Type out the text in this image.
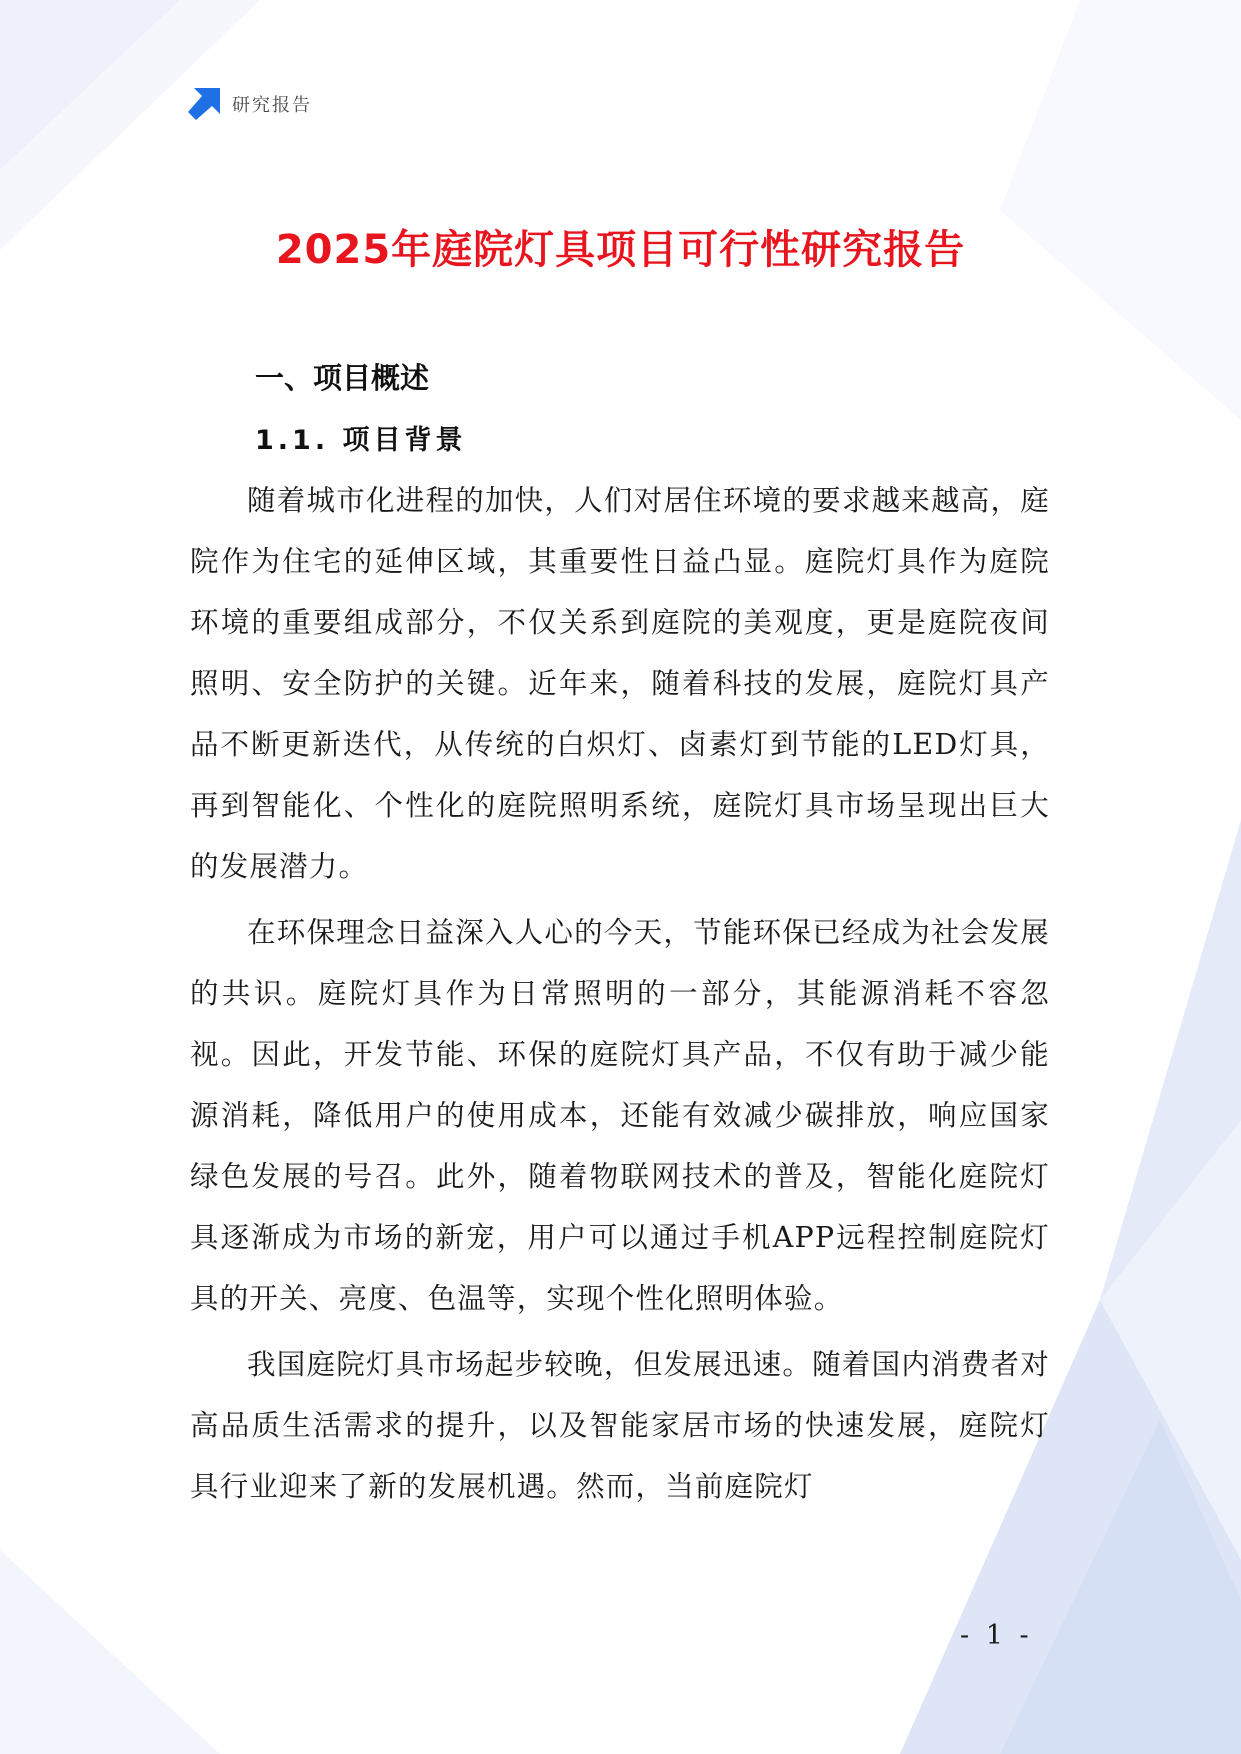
研究报告
2025年庭院灯具项目可行性研究报告
一、项目概述
1.1. 项目背景

随着城市化进程的加快，人们对居住环境的要求越来越高，庭院作为住宅的延伸区域，其重要性日益凸显。庭院灯具作为庭院环境的重要组成部分，不仅关系到庭院的美观度，更是庭院夜间照明、安全防护的关键。近年来，随着科技的发展，庭院灯具产品不断更新迭代，从传统的白炽灯、卤素灯到节能的LED灯具，再到智能化、个性化的庭院照明系统，庭院灯具市场呈现出巨大的发展潜力。

在环保理念日益深入人心的今天，节能环保已经成为社会发展的共识。庭院灯具作为日常照明的一部分，其能源消耗不容忽视。因此，开发节能、环保的庭院灯具产品，不仅有助于减少能源消耗，降低用户的使用成本，还能有效减少碳排放，响应国家绿色发展的号召。此外，随着物联网技术的普及，智能化庭院灯具逐渐成为市场的新宠，用户可以通过手机APP远程控制庭院灯具的开关、亮度、色温等，实现个性化照明体验。

我国庭院灯具市场起步较晚，但发展迅速。随着国内消费者对高品质生活需求的提升，以及智能家居市场的快速发展，庭院灯具行业迎来了新的发展机遇。然而，当前庭院灯

- 1 -
